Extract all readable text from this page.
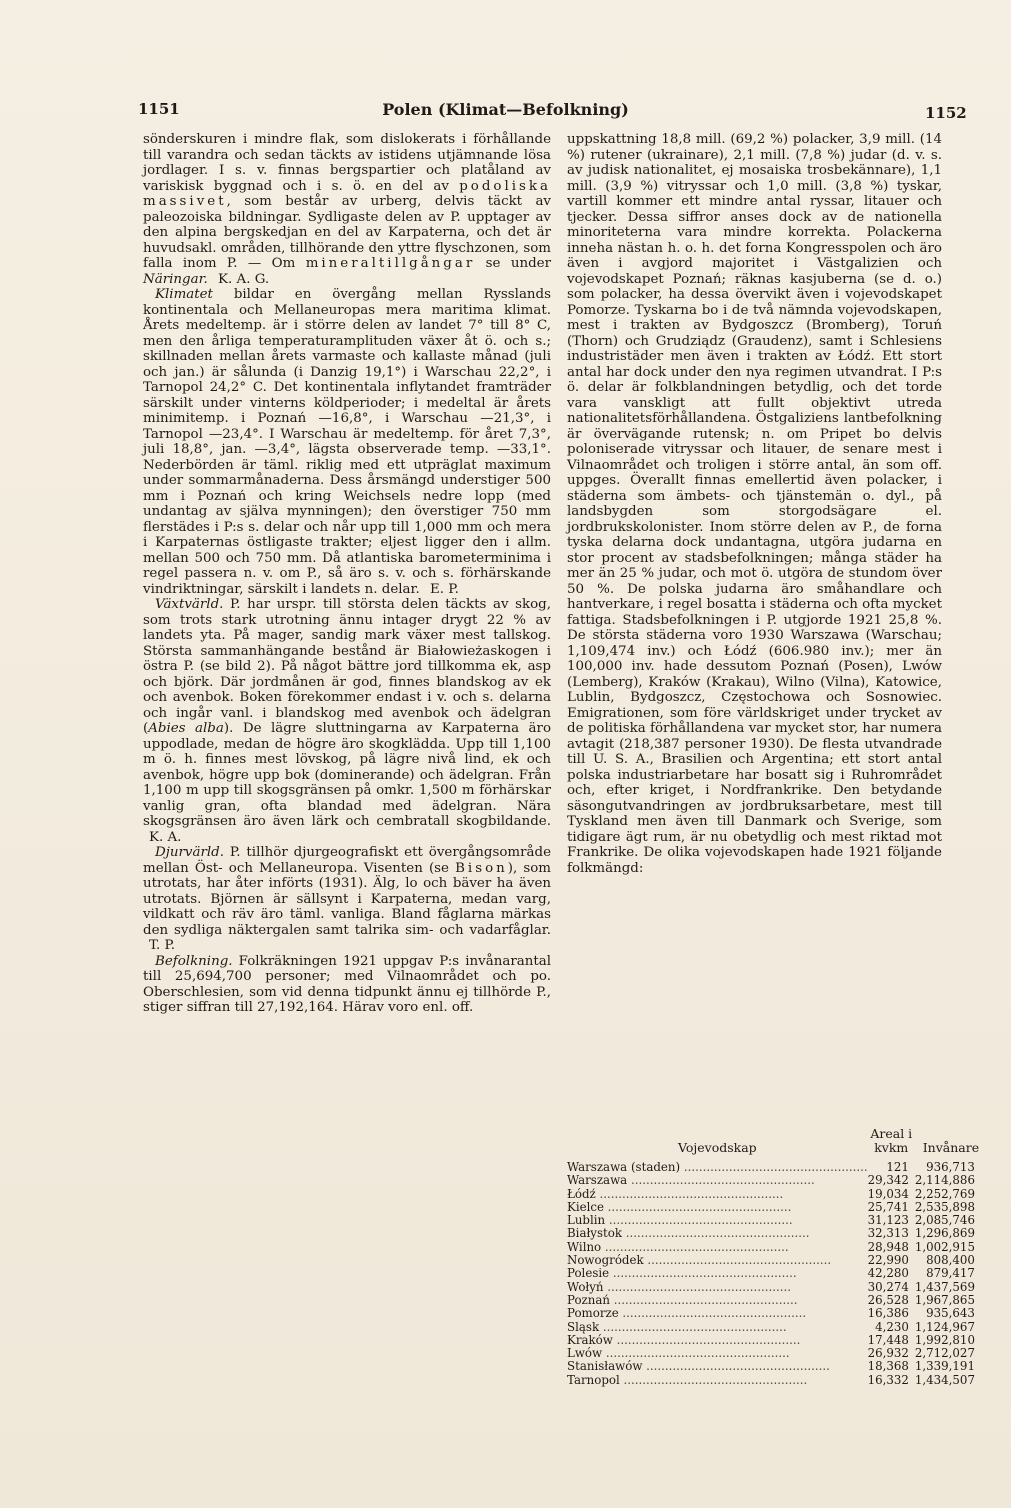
1151	Polen (Klimat—Befolkning)	1152

sönderskuren i mindre flak, som dislokerats i förhållande till varandra och sedan täckts av istidens utjämnande lösa jordlager. I s. v. finnas bergspartier och platåland av variskisk byggnad och i s. ö. en del av podoliska massivet, som består av urberg, delvis täckt av paleozoiska bildningar. Sydligaste delen av P. upptager av den alpina bergskedjan en del av Karpaterna, och det är huvudsakl. områden, tillhörande den yttre flyschzonen, som falla inom P. — Om mineraltillgångar se under Näringar. K. A. G.

Klimatet bildar en övergång mellan Rysslands kontinentala och Mellaneuropas mera maritima klimat. Årets medeltemp. är i större delen av landet 7° till 8° C, men den årliga temperaturamplituden växer åt ö. och s.; skillnaden mellan årets varmaste och kallaste månad (juli och jan.) är sålunda (i Danzig 19,1°) i Warschau 22,2°, i Tarnopol 24,2° C. Det kontinentala inflytandet framträder särskilt under vinterns köldperioder; i medeltal är årets minimitemp. i Poznań —16,8°, i Warschau —21,3°, i Tarnopol —23,4°. I Warschau är medeltemp. för året 7,3°, juli 18,8°, jan. —3,4°, lägsta observerade temp. —33,1°. Nederbörden är täml. riklig med ett utpräglat maximum under sommarmånaderna. Dess årsmängd understiger 500 mm i Poznań och kring Weichsels nedre lopp (med undantag av själva mynningen); den överstiger 750 mm flerstädes i P:s s. delar och når upp till 1,000 mm och mera i Karpaternas östligaste trakter; eljest ligger den i allm. mellan 500 och 750 mm. Då atlantiska barometerminima i regel passera n. v. om P., så äro s. v. och s. förhärskande vindriktningar, särskilt i landets n. delar. E. P.

Växtvärld. P. har urspr. till största delen täckts av skog, som trots stark utrotning ännu intager drygt 22 % av landets yta. På mager, sandig mark växer mest tallskog. Största sammanhängande bestånd är Białowieżaskogen i östra P. (se bild 2). På något bättre jord tillkomma ek, asp och björk. Där jordmånen är god, finnes blandskog av ek och avenbok. Boken förekommer endast i v. och s. delarna och ingår vanl. i blandskog med avenbok och ädelgran (Abies alba). De lägre sluttningarna av Karpaterna äro uppodlade, medan de högre äro skogklädda. Upp till 1,100 m ö. h. finnes mest lövskog, på lägre nivå lind, ek och avenbok, högre upp bok (dominerande) och ädelgran. Från 1,100 m upp till skogsgränsen på omkr. 1,500 m förhärskar vanlig gran, ofta blandad med ädelgran. Nära skogsgränsen äro även lärk och cembratall skogbildande. K. A.

Djurvärld. P. tillhör djurgeografiskt ett övergångsområde mellan Öst- och Mellaneuropa. Visenten (se Bison), som utrotats, har åter införts (1931). Älg, lo och bäver ha även utrotats. Björnen är sällsynt i Karpaterna, medan varg, vildkatt och räv äro täml. vanliga. Bland fåglarna märkas den sydliga näktergalen samt talrika sim- och vadarfåglar. T. P.

Befolkning. Folkräkningen 1921 uppgav P:s invånarantal till 25,694,700 personer; med Vilnaområdet och po. Oberschlesien, som vid denna tidpunkt ännu ej tillhörde P., stiger siffran till 27,192,164. Härav voro enl. off.

uppskattning 18,8 mill. (69,2 %) polacker, 3,9 mill. (14 %) rutener (ukrainare), 2,1 mill. (7,8 %) judar (d. v. s. av judisk nationalitet, ej mosaiska trosbekännare), 1,1 mill. (3,9 %) vitryssar och 1,0 mill. (3,8 %) tyskar, vartill kommer ett mindre antal ryssar, litauer och tjecker. Dessa siffror anses dock av de nationella minoriteterna vara mindre korrekta. Polackerna inneha nästan h. o. h. det forna Kongresspolen och äro även i avgjord majoritet i Västgalizien och vojevodskapet Poznań; räknas kasjuberna (se d. o.) som polacker, ha dessa övervikt även i vojevodskapet Pomorze. Tyskarna bo i de två nämnda vojevodskapen, mest i trakten av Bydgoszcz (Bromberg), Toruń (Thorn) och Grudziądz (Graudenz), samt i Schlesiens industristäder men även i trakten av Łódź. Ett stort antal har dock under den nya regimen utvandrat. I P:s ö. delar är folkblandningen betydlig, och det torde vara vanskligt att fullt objektivt utreda nationalitetsförhållandena. Östgaliziens lantbefolkning är övervägande rutensk; n. om Pripet bo delvis poloniserade vitryssar och litauer, de senare mest i Vilnaområdet och troligen i större antal, än som off. uppges. Överallt finnas emellertid även polacker, i städerna som ämbets- och tjänstemän o. dyl., på landsbygden som storgodsägare el. jordbrukskolonister. Inom större delen av P., de forna tyska delarna dock undantagna, utgöra judarna en stor procent av stadsbefolkningen; många städer ha mer än 25 % judar, och mot ö. utgöra de stundom över 50 %. De polska judarna äro småhandlare och hantverkare, i regel bosatta i städerna och ofta mycket fattiga. Stadsbefolkningen i P. utgjorde 1921 25,8 %. De största städerna voro 1930 Warszawa (Warschau; 1,109,474 inv.) och Łódź (606.980 inv.); mer än 100,000 inv. hade dessutom Poznań (Posen), Lwów (Lemberg), Kraków (Krakau), Wilno (Vilna), Katowice, Lublin, Bydgoszcz, Częstochowa och Sosnowiec. Emigrationen, som före världskriget under trycket av de politiska förhållandena var mycket stor, har numera avtagit (218,387 personer 1930). De flesta utvandrade till U. S. A., Brasilien och Argentina; ett stort antal polska industriarbetare har bosatt sig i Ruhrområdet och, efter kriget, i Nordfrankrike. Den betydande säsongutvandringen av jordbruksarbetare, mest till Tyskland men även till Danmark och Sverige, som tidigare ägt rum, är nu obetydlig och mest riktad mot Frankrike. De olika vojevodskapen hade 1921 följande folkmängd:

Vojevodskap	Areal i kvkm	Invånare
Warszawa (staden) .....	121	936,713
Warszawa .....	29,342	2,114,886
Łódź .....	19,034	2,252,769
Kielce .....	25,741	2,535,898
Lublin .....	31,123	2,085,746
Białystok .....	32,313	1,296,869
Wilno .....	28,948	1,002,915
Nowogródek .....	22,990	808,400
Polesie .....	42,280	879,417
Wołyń .....	30,274	1,437,569
Poznań .....	26,528	1,967,865
Pomorze .....	16,386	935,643
Śląsk .....	4,230	1,124,967
Kraków .....	17,448	1,992,810
Lwów .....	26,932	2,712,027
Stanisławów .....	18,368	1,339,191
Tarnopol .....	16,332	1,434,507
